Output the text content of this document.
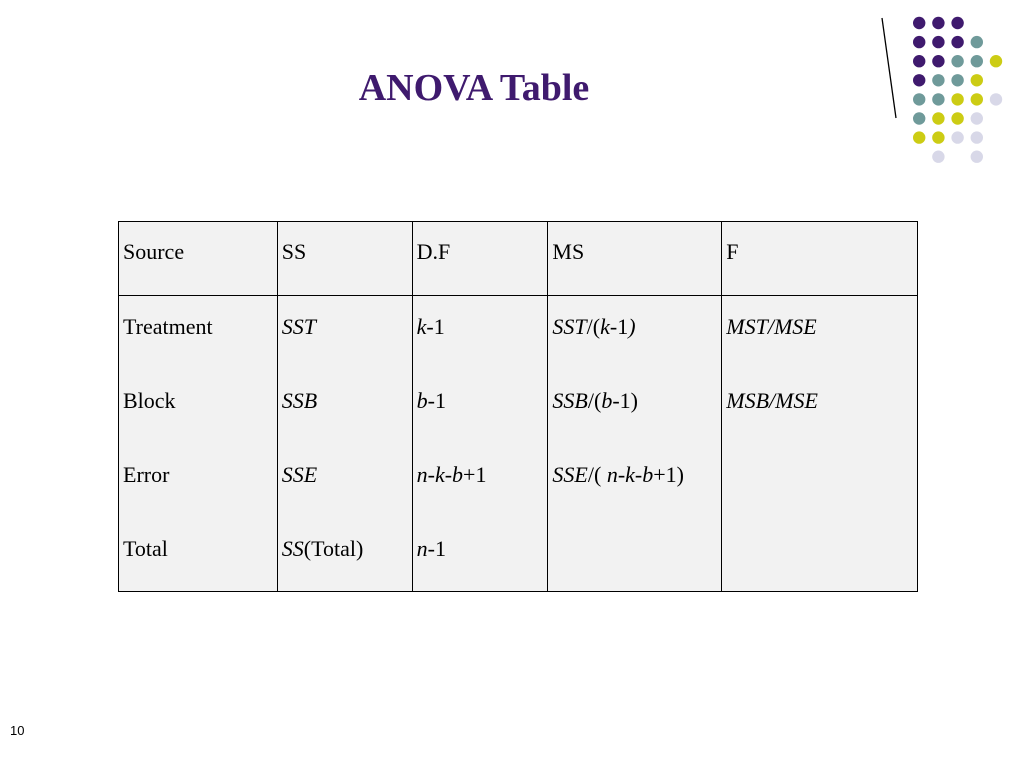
ANOVA Table
Source	SS	D.F	MS	F
Treatment	SST	k-1	SST/(k-1)	MST/MSE
Block	SSB	b-1	SSB/(b-1)	MSB/MSE
Error	SSE	n-k-b+1	SSE/( n-k-b+1)	
Total	SS(Total)	n-1		
10
